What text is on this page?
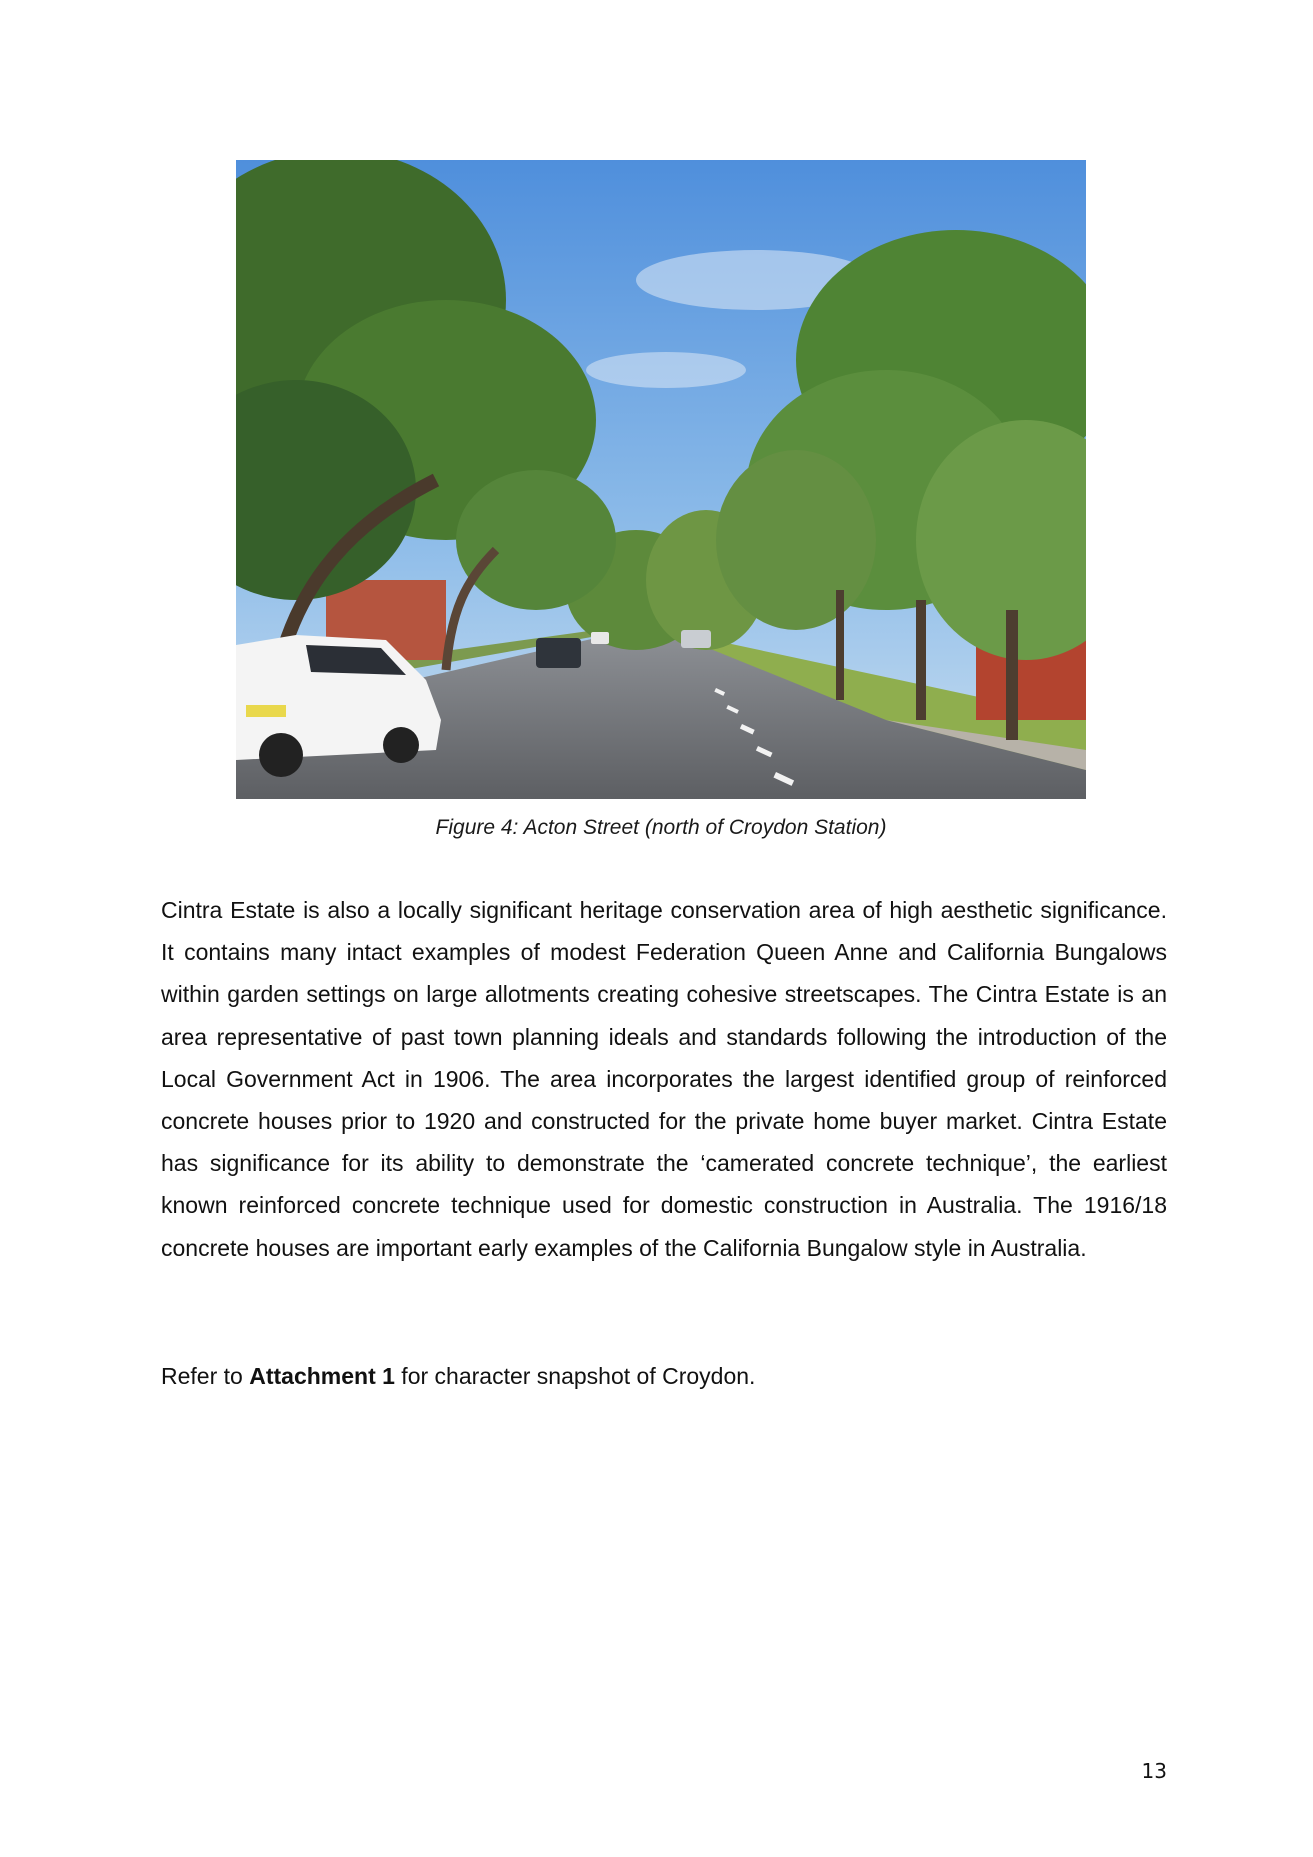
Figure 4: Acton Street (north of Croydon Station)

Cintra Estate is also a locally significant heritage conservation area of high aesthetic significance. It contains many intact examples of modest Federation Queen Anne and California Bungalows within garden settings on large allotments creating cohesive streetscapes. The Cintra Estate is an area representative of past town planning ideals and standards following the introduction of the Local Government Act in 1906. The area incorporates the largest identified group of reinforced concrete houses prior to 1920 and constructed for the private home buyer market. Cintra Estate has significance for its ability to demonstrate the ‘camerated concrete technique’, the earliest known reinforced concrete technique used for domestic construction in Australia. The 1916/18 concrete houses are important early examples of the California Bungalow style in Australia.

Refer to Attachment 1 for character snapshot of Croydon.

13
